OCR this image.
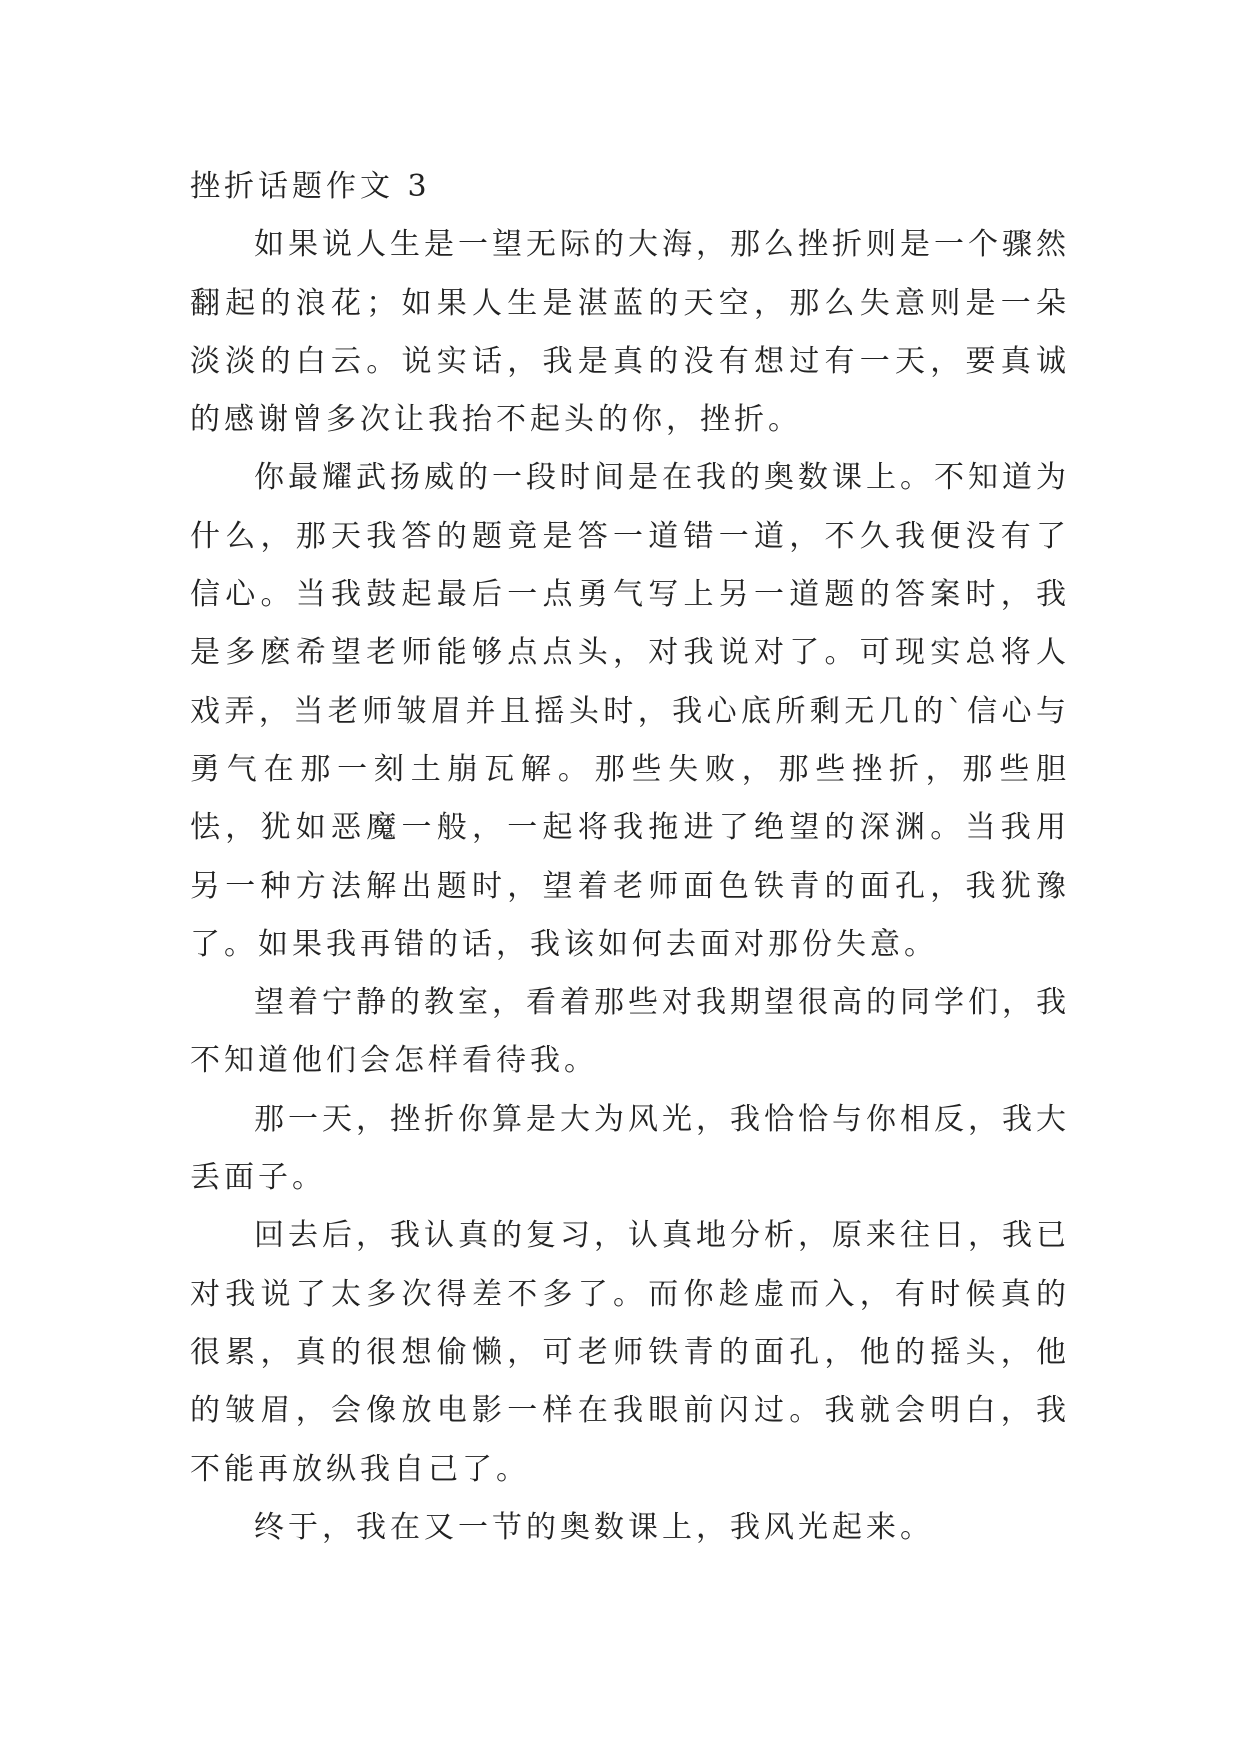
挫折话题作文 3

如果说人生是一望无际的大海，那么挫折则是一个骤然翻起的浪花；如果人生是湛蓝的天空，那么失意则是一朵淡淡的白云。说实话，我是真的没有想过有一天，要真诚的感谢曾多次让我抬不起头的你，挫折。

你最耀武扬威的一段时间是在我的奥数课上。不知道为什么，那天我答的题竟是答一道错一道，不久我便没有了信心。当我鼓起最后一点勇气写上另一道题的答案时，我是多麽希望老师能够点点头，对我说对了。可现实总将人戏弄，当老师皱眉并且摇头时，我心底所剩无几的`信心与勇气在那一刻土崩瓦解。那些失败，那些挫折，那些胆怯，犹如恶魔一般，一起将我拖进了绝望的深渊。当我用另一种方法解出题时，望着老师面色铁青的面孔，我犹豫了。如果我再错的话，我该如何去面对那份失意。

望着宁静的教室，看着那些对我期望很高的同学们，我不知道他们会怎样看待我。

那一天，挫折你算是大为风光，我恰恰与你相反，我大丢面子。

回去后，我认真的复习，认真地分析，原来往日，我已对我说了太多次得差不多了。而你趁虚而入，有时候真的很累，真的很想偷懒，可老师铁青的面孔，他的摇头，他的皱眉，会像放电影一样在我眼前闪过。我就会明白，我不能再放纵我自己了。

终于，我在又一节的奥数课上，我风光起来。
